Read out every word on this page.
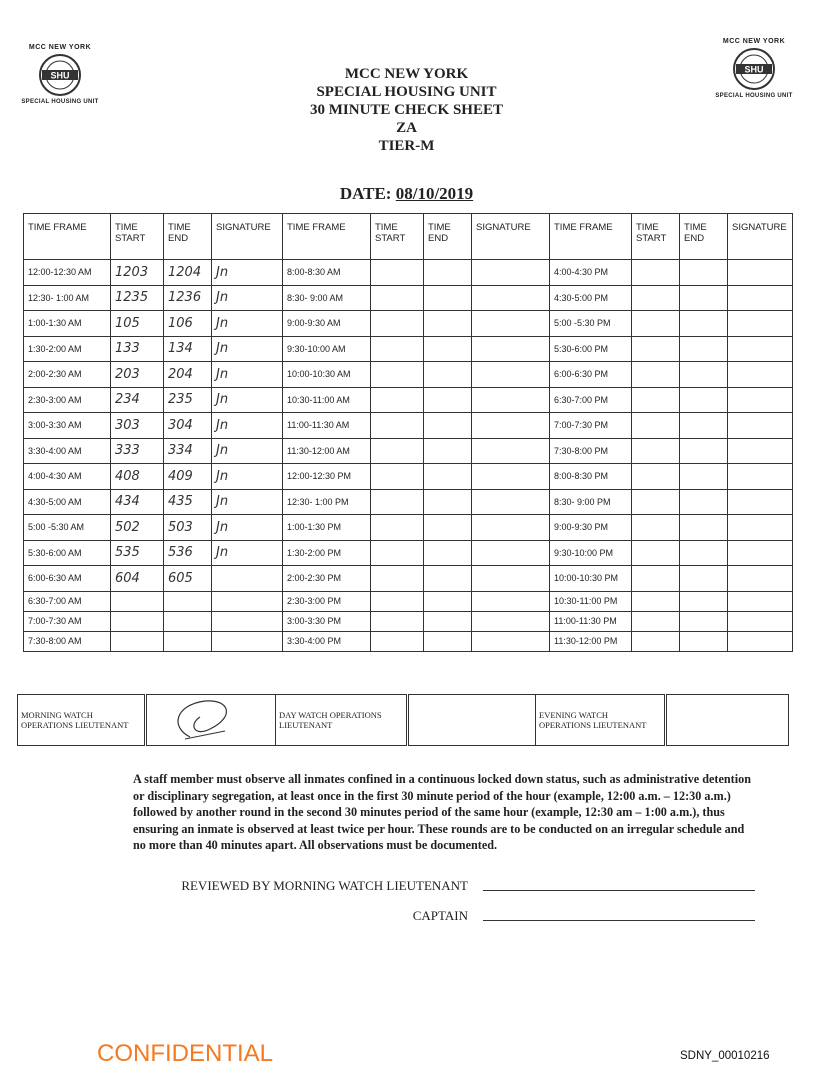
MCC NEW YORK
SHU
SPECIAL HOUSING UNIT
MCC NEW YORK
SHU
SPECIAL HOUSING UNIT
MCC NEW YORK
SPECIAL HOUSING UNIT
30 MINUTE CHECK SHEET
ZA
TIER-M
DATE: 08/10/2019
TIME FRAME	TIME START	TIME END	SIGNATURE	TIME FRAME	TIME START	TIME END	SIGNATURE	TIME FRAME	TIME START	TIME END	SIGNATURE
12:00-12:30 AM	1203	1204	Jn	8:00-8:30 AM				4:00-4:30 PM			
12:30- 1:00 AM	1235	1236	Jn	8:30- 9:00 AM				4:30-5:00 PM			
1:00-1:30 AM	105	106	Jn	9:00-9:30 AM				5:00 -5:30 PM			
1:30-2:00 AM	133	134	Jn	9:30-10:00 AM				5:30-6:00 PM			
2:00-2:30 AM	203	204	Jn	10:00-10:30 AM				6:00-6:30 PM			
2:30-3:00 AM	234	235	Jn	10:30-11:00 AM				6:30-7:00 PM			
3:00-3:30 AM	303	304	Jn	11:00-11:30 AM				7:00-7:30 PM			
3:30-4:00 AM	333	334	Jn	11:30-12:00 AM				7:30-8:00 PM			
4:00-4:30 AM	408	409	Jn	12:00-12:30 PM				8:00-8:30 PM			
4:30-5:00 AM	434	435	Jn	12:30- 1:00 PM				8:30- 9:00 PM			
5:00 -5:30 AM	502	503	Jn	1:00-1:30 PM				9:00-9:30 PM			
5:30-6:00 AM	535	536	Jn	1:30-2:00 PM				9:30-10:00 PM			
6:00-6:30 AM	604	605		2:00-2:30 PM				10:00-10:30 PM			
6:30-7:00 AM				2:30-3:00 PM				10:30-11:00 PM			
7:00-7:30 AM				3:00-3:30 PM				11:00-11:30 PM			
7:30-8:00 AM				3:30-4:00 PM				11:30-12:00 PM			
MORNING WATCH OPERATIONS LIEUTENANT		DAY WATCH OPERATIONS LIEUTENANT		EVENING WATCH OPERATIONS LIEUTENANT	
A staff member must observe all inmates confined in a continuous locked down status, such as administrative detention or disciplinary segregation, at least once in the first 30 minute period of the hour (example, 12:00 a.m. – 12:30 a.m.) followed by another round in the second 30 minutes period of the same hour (example, 12:30 am – 1:00 a.m.), thus ensuring an inmate is observed at least twice per hour. These rounds are to be conducted on an irregular schedule and no more than 40 minutes apart. All observations must be documented.
REVIEWED BY MORNING WATCH LIEUTENANT
CAPTAIN
CONFIDENTIAL	SDNY_00010216
